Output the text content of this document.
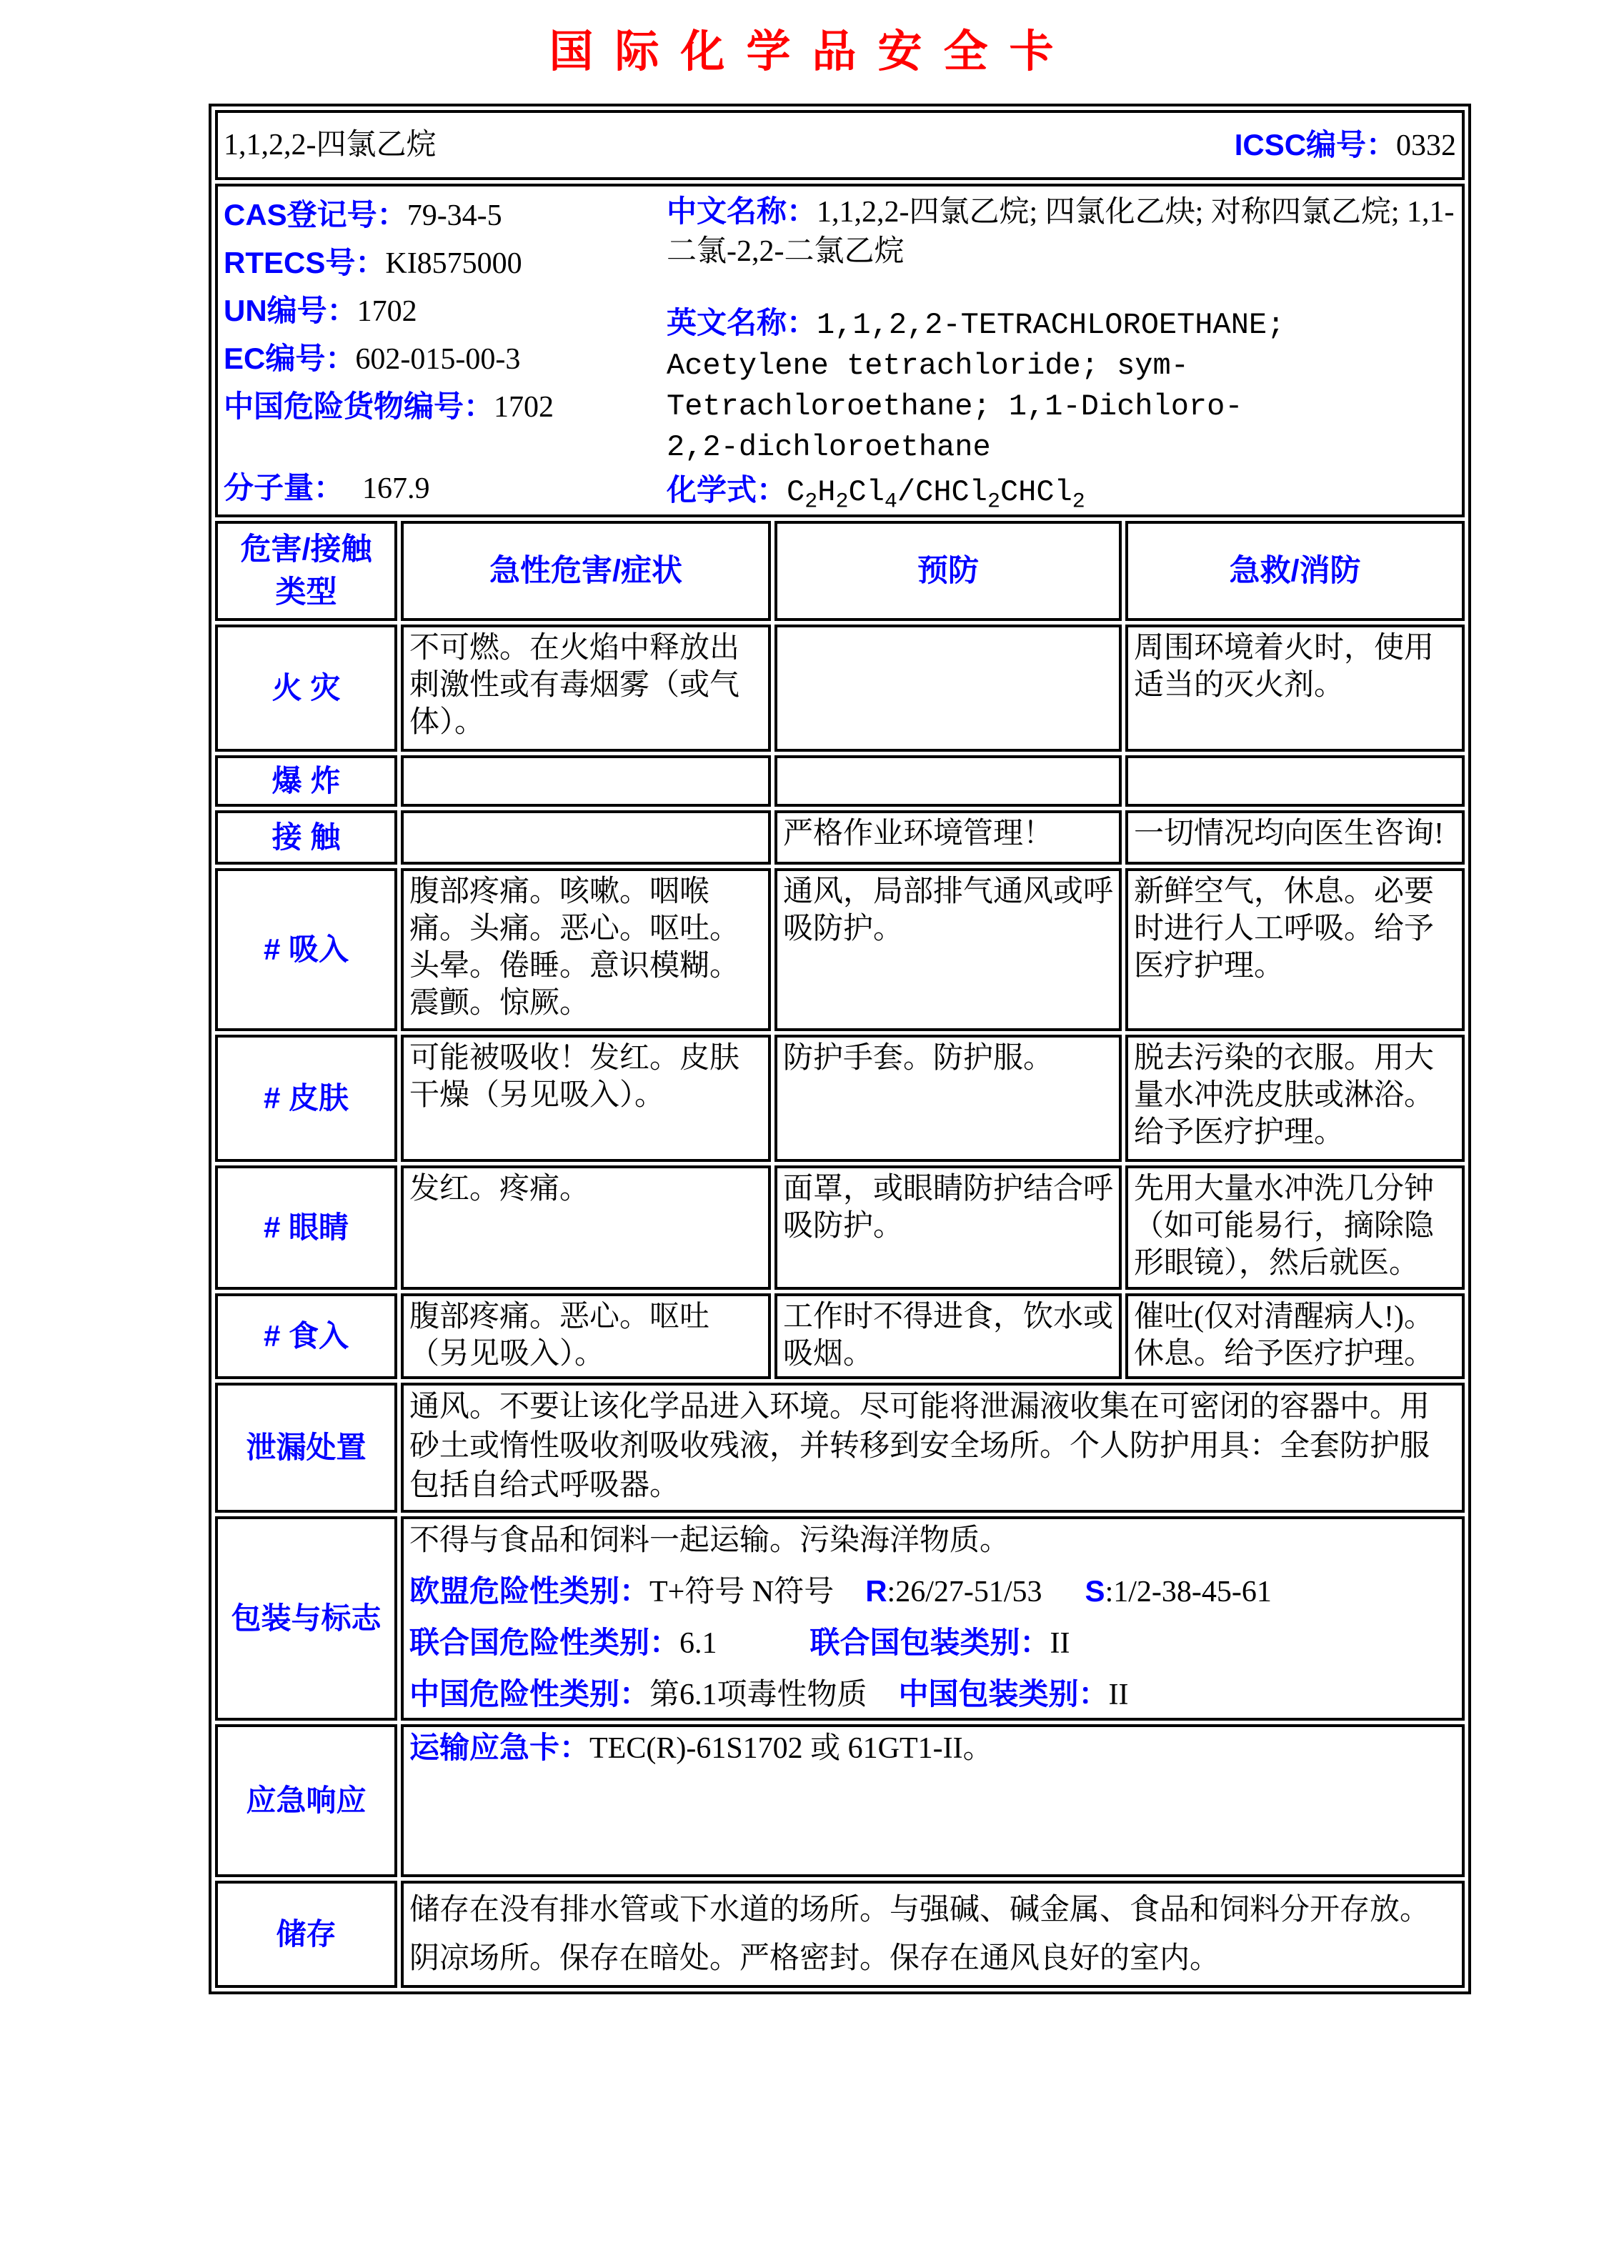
国际化学品安全卡
1,1,2,2-四氯乙烷 ICSC编号：0332			

CAS登记号：79-34-5
RTECS号：KI8575000
UN编号：1702
EC编号：602-015-00-3
中国危险货物编号：1702
分子量： 167.9

中文名称：1,1,2,2-四氯乙烷; 四氯化乙炔; 对称四氯乙烷; 1,1-二氯-2,2-二氯乙烷

英文名称：1,1,2,2-TETRACHLOROETHANE; Acetylene tetrachloride; sym-Tetrachloroethane; 1,1-Dichloro-2,2-dichloroethane

化学式：$C_2H_2Cl_4/CHCl_2CHCl_2$

危害/接触
类型	急性危害/症状	预防	急救/消防
火 灾	不可燃。在火焰中释放出刺激性或有毒烟雾（或气体）。		周围环境着火时，使用适当的灭火剂。
爆 炸			
接 触		严格作业环境管理！	一切情况均向医生咨询!
# 吸入	腹部疼痛。咳嗽。咽喉痛。头痛。恶心。呕吐。头晕。倦睡。意识模糊。震颤。惊厥。	通风，局部排气通风或呼吸防护。	新鲜空气，休息。必要时进行人工呼吸。给予医疗护理。
# 皮肤	可能被吸收！发红。皮肤干燥（另见吸入）。	防护手套。防护服。	脱去污染的衣服。用大量水冲洗皮肤或淋浴。给予医疗护理。
# 眼睛	发红。疼痛。	面罩，或眼睛防护结合呼吸防护。	先用大量水冲洗几分钟（如可能易行，摘除隐形眼镜），然后就医。
# 食入	腹部疼痛。恶心。呕吐（另见吸入）。	工作时不得进食，饮水或吸烟。	催吐(仅对清醒病人!)。休息。给予医疗护理。
泄漏处置	通风。不要让该化学品进入环境。尽可能将泄漏液收集在可密闭的容器中。用砂土或惰性吸收剂吸收残液，并转移到安全场所。个人防护用具：全套防护服包括自给式呼吸器。		

包装与标志	不得与食品和饲料一起运输。污染海洋物质。
欧盟危险性类别：T+符号 N符号 R:26/27-51/53 S:1/2-38-45-61
联合国危险性类别：6.1 联合国包装类别：II
中国危险性类别：第6.1项毒性物质 中国包装类别：II		

应急响应	运输应急卡：TEC(R)-61S1702 或 61GT1-II。		
储存	储存在没有排水管或下水道的场所。与强碱、碱金属、食品和饲料分开存放。阴凉场所。保存在暗处。严格密封。保存在通风良好的室内。		
